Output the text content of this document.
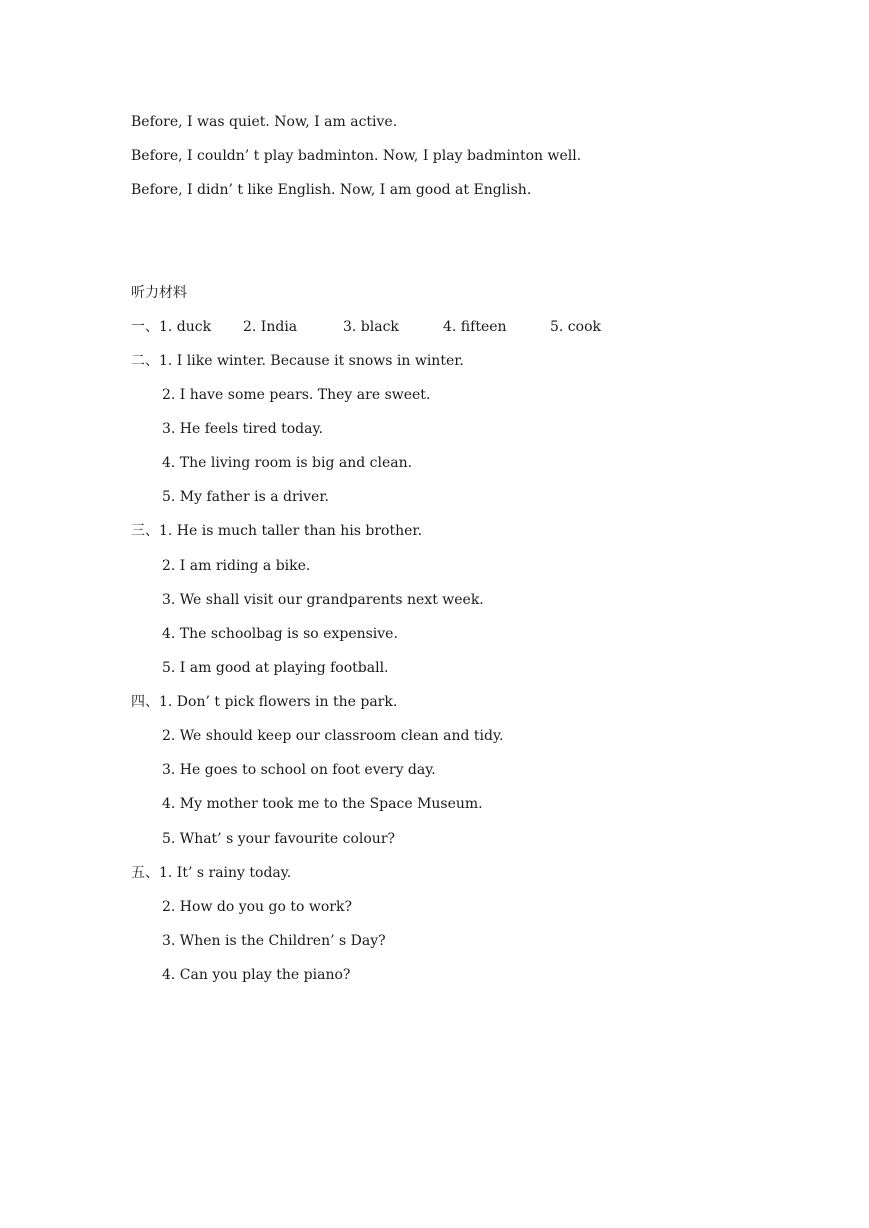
Before, I was quiet. Now, I am active.
Before, I couldn’ t play badminton. Now, I play badminton well.
Before, I didn’ t like English. Now, I am good at English.
听力材料
一、1. duck 2. India	3. black	4. fifteen	5. cook
二、1. I like winter. Because it snows in winter.
2. I have some pears. They are sweet.
3. He feels tired today.
4. The living room is big and clean.
5. My father is a driver.
三、1. He is much taller than his brother.
2. I am riding a bike.
3. We shall visit our grandparents next week.
4. The schoolbag is so expensive.
5. I am good at playing football.
四、1. Don’ t pick flowers in the park.
2. We should keep our classroom clean and tidy.
3. He goes to school on foot every day.
4. My mother took me to the Space Museum.
5. What’ s your favourite colour?
五、1. It’ s rainy today.
2. How do you go to work?
3. When is the Children’ s Day?
4. Can you play the piano?
